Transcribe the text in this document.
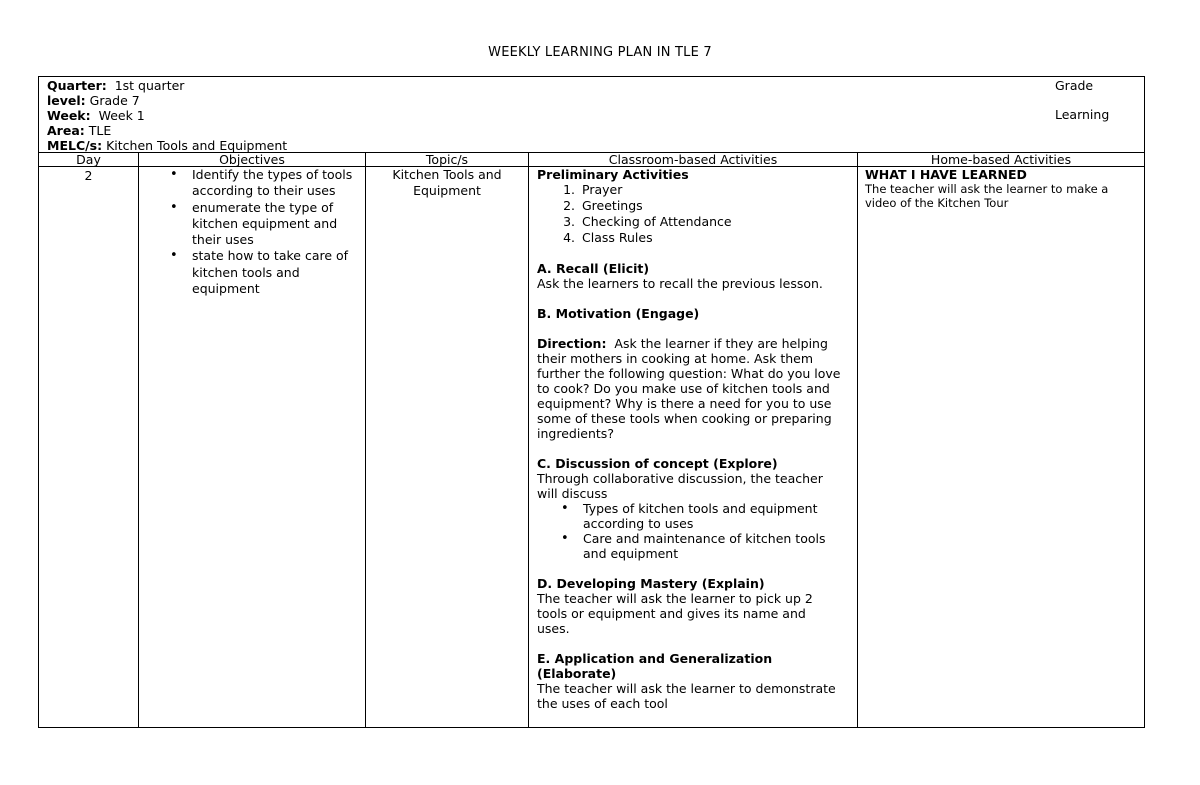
WEEKLY LEARNING PLAN IN TLE 7
Quarter: 1st quarter
level: Grade 7
Week: Week 1
Area: TLE
MELC/s: Kitchen Tools and Equipment
Grade
Learning
Day	Objectives	Topic/s	Classroom-based Activities	Home-based Activities
2
•	Identify the types of tools
according to their uses
• enumerate the type of
kitchen equipment and
their uses
• state how to take care of
kitchen tools and
equipment
Kitchen Tools and
Equipment
Preliminary Activities
1. Prayer
2. Greetings
3. Checking of Attendance
4. Class Rules
A. Recall (Elicit)
Ask the learners to recall the previous lesson.
B. Motivation (Engage)
Direction:  Ask the learner if they are helping
their mothers in cooking at home. Ask them
further the following question: What do you love
to cook? Do you make use of kitchen tools and
equipment? Why is there a need for you to use
some of these tools when cooking or preparing
ingredients?
C. Discussion of concept (Explore)
Through collaborative discussion, the teacher
will discuss
• Types of kitchen tools and equipment
according to uses
• Care and maintenance of kitchen tools
and equipment
D. Developing Mastery (Explain)
The teacher will ask the learner to pick up 2
tools or equipment and gives its name and
uses.
E. Application and Generalization
(Elaborate)
The teacher will ask the learner to demonstrate
the uses of each tool
WHAT I HAVE LEARNED
The teacher will ask the learner to make a
video of the Kitchen Tour
